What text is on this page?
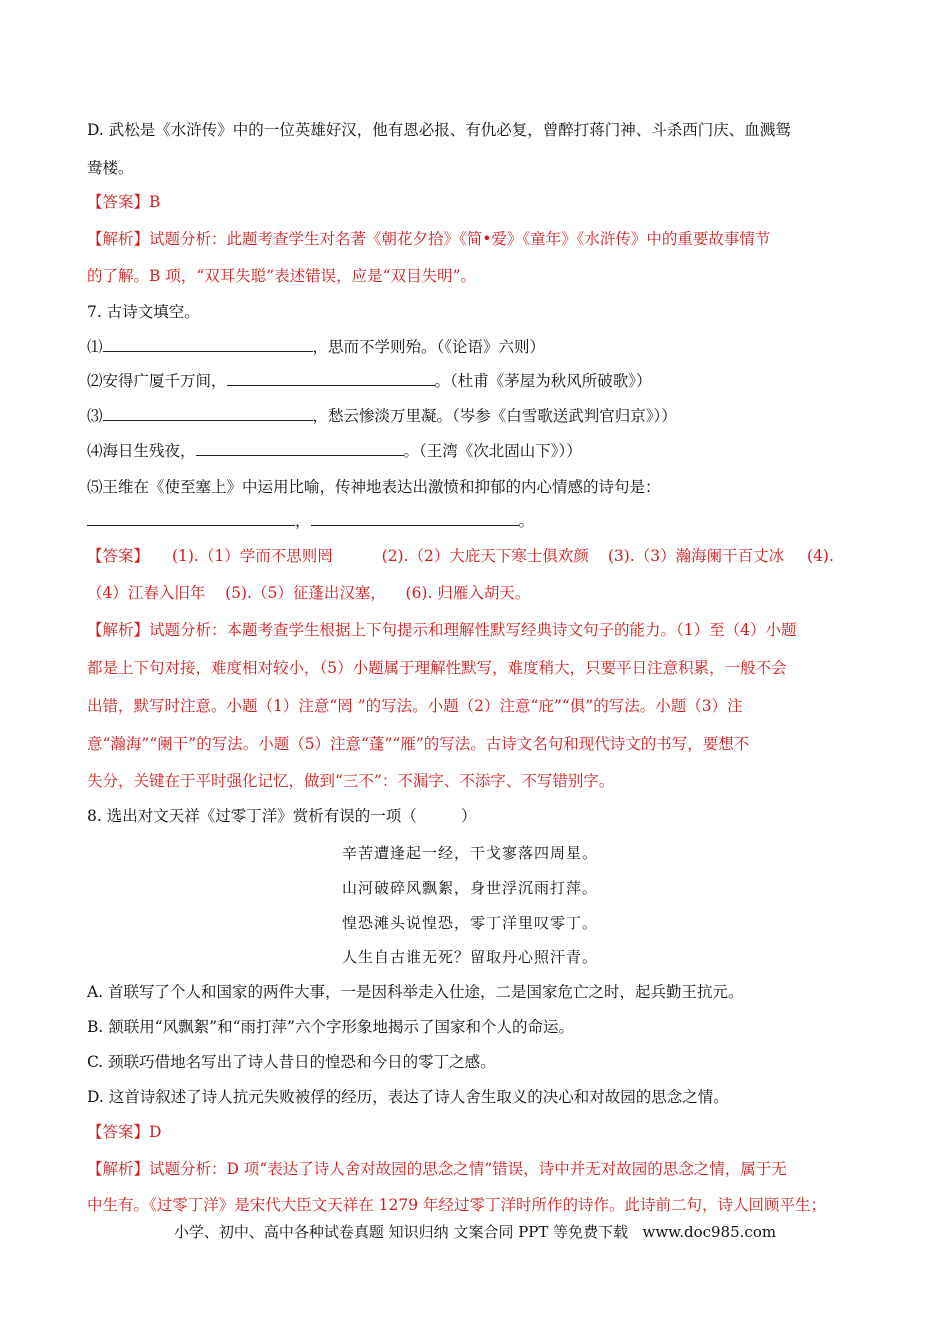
D. 武松是《水浒传》中的一位英雄好汉，他有恩必报、有仇必复，曾醉打蒋门神、斗杀西门庆、血溅鸳
鸯楼。
【答案】B
【解析】试题分析：此题考查学生对名著《朝花夕拾》《简•爱》《童年》《水浒传》中的重要故事情节
的了解。B 项，“双耳失聪”表述错误，应是“双目失明”。
7. 古诗文填空。
⑴	，思而不学则殆。（《论语》六则）
⑵安得广厦千万间，	。（杜甫《茅屋为秋风所破歌》）
⑶	，愁云惨淡万里凝。（岑参《白雪歌送武判官归京》））
⑷海日生残夜，	。（王湾《次北固山下》））
⑸王维在《使至塞上》中运用比喻，传神地表达出激愤和抑郁的内心情感的诗句是：
，	。
【答案】 (1).（1）学而不思则罔	(2).（2）大庇天下寒士俱欢颜 (3).（3）瀚海阑干百丈冰 (4).
（4）江春入旧年    (5).（5）征蓬出汉塞，    (6). 归雁入胡天。
【解析】试题分析：本题考查学生根据上下句提示和理解性默写经典诗文句子的能力。（1）至（4）小题
都是上下句对接，难度相对较小，（5）小题属于理解性默写，难度稍大，只要平日注意积累，一般不会
出错，默写时注意。小题（1）注意“罔 ”的写法。小题（2）注意“庇”“俱”的写法。小题（3）注
意“瀚海”“阑干”的写法。小题（5）注意“蓬”“雁”的写法。古诗文名句和现代诗文的书写，要想不
失分，关键在于平时强化记忆，做到“三不”：不漏字、不添字、不写错别字。
8. 选出对文天祥《过零丁洋》赏析有误的一项（         ）
辛苦遭逢起一经，干戈寥落四周星。
山河破碎风飘絮，身世浮沉雨打萍。
惶恐滩头说惶恐，零丁洋里叹零丁。
人生自古谁无死？留取丹心照汗青。
A. 首联写了个人和国家的两件大事，一是因科举走入仕途，二是国家危亡之时，起兵勤王抗元。
B. 颔联用“风飘絮”和“雨打萍”六个字形象地揭示了国家和个人的命运。
C. 颈联巧借地名写出了诗人昔日的惶恐和今日的零丁之感。
D. 这首诗叙述了诗人抗元失败被俘的经历，表达了诗人舍生取义的决心和对故园的思念之情。
【答案】D
【解析】试题分析：D 项“表达了诗人舍对故园的思念之情”错误，诗中并无对故园的思念之情，属于无
中生有。《过零丁洋》是宋代大臣文天祥在 1279 年经过零丁洋时所作的诗作。此诗前二句，诗人回顾平生；
小学、初中、高中各种试卷真题 知识归纳 文案合同 PPT 等免费下载   www.doc985.com
